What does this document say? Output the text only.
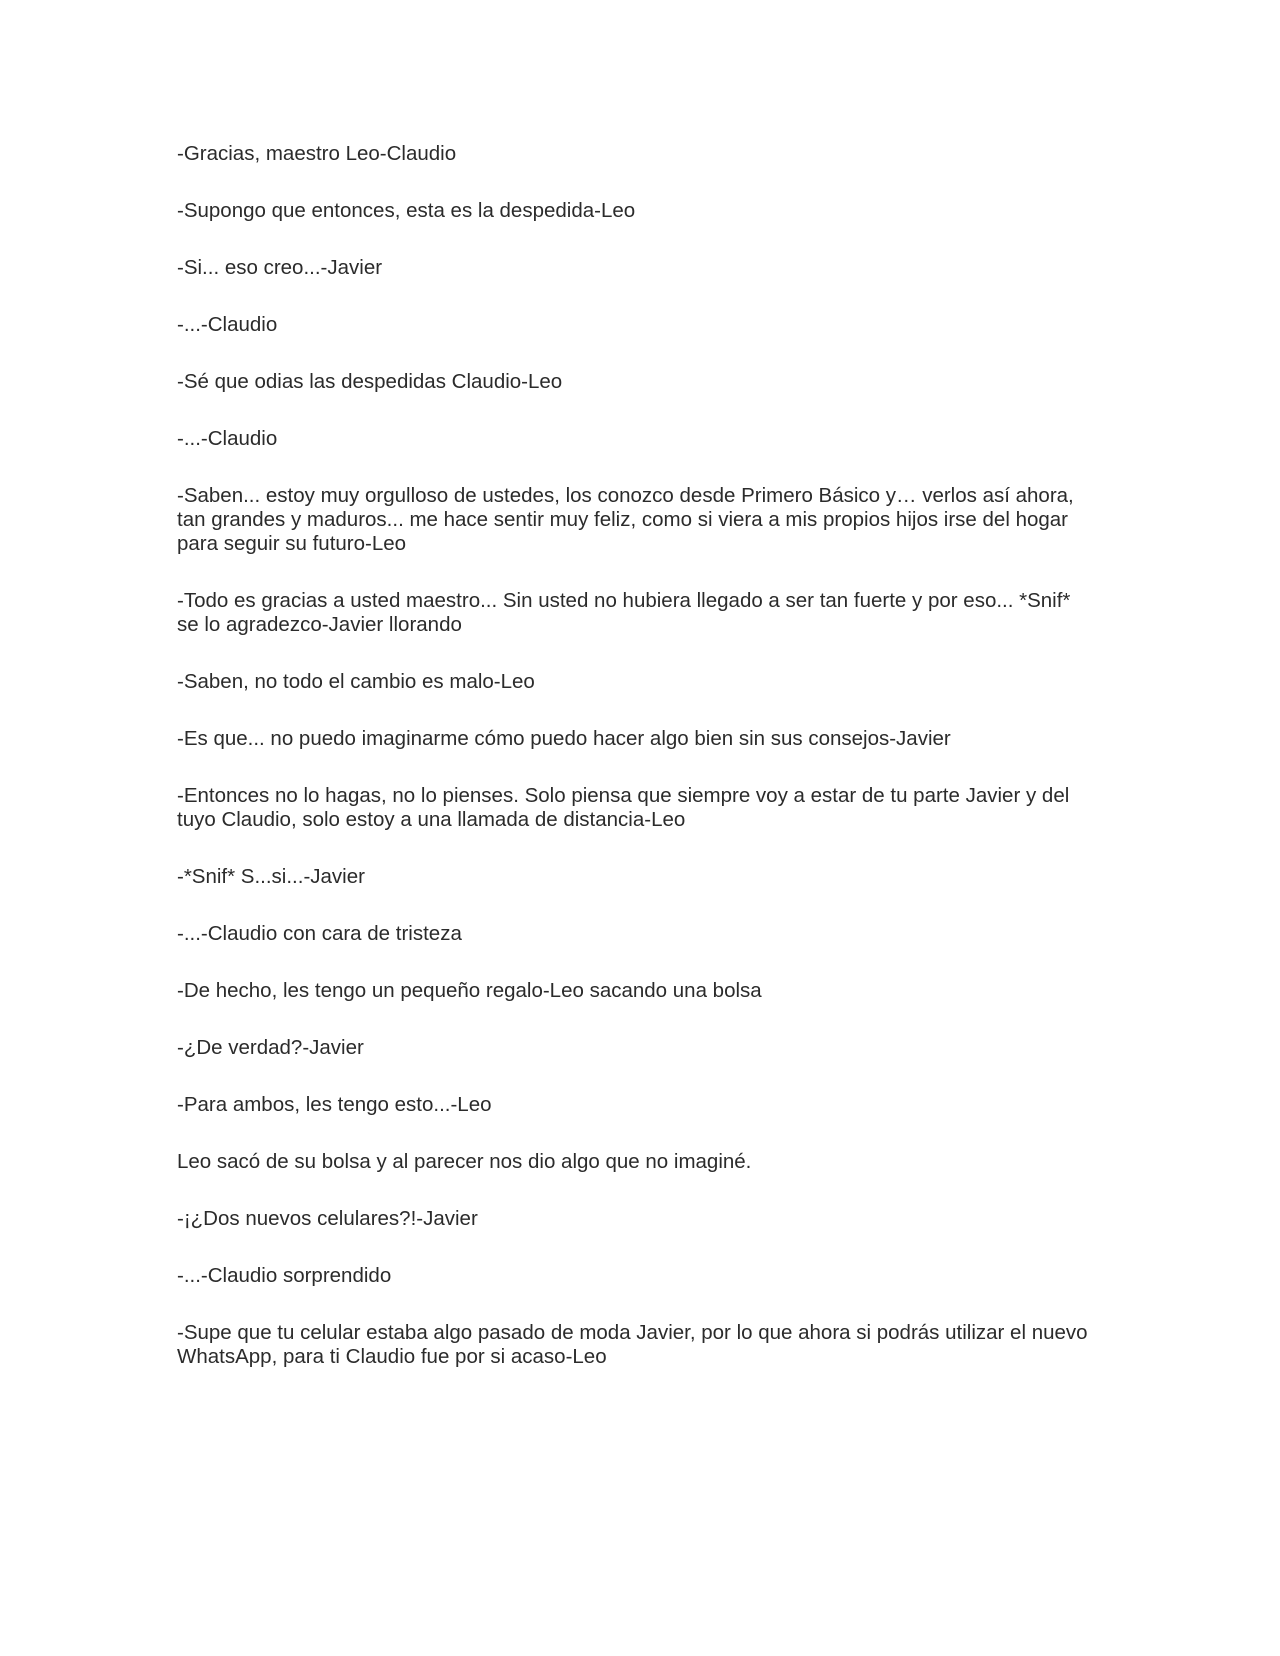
-Gracias, maestro Leo-Claudio

-Supongo que entonces, esta es la despedida-Leo

-Si... eso creo...-Javier

-...-Claudio

-Sé que odias las despedidas Claudio-Leo

-...-Claudio

-Saben... estoy muy orgulloso de ustedes, los conozco desde Primero Básico y… verlos así ahora, tan grandes y maduros... me hace sentir muy feliz, como si viera a mis propios hijos irse del hogar para seguir su futuro-Leo

-Todo es gracias a usted maestro... Sin usted no hubiera llegado a ser tan fuerte y por eso... *Snif* se lo agradezco-Javier llorando

-Saben, no todo el cambio es malo-Leo

-Es que... no puedo imaginarme cómo puedo hacer algo bien sin sus consejos-Javier

-Entonces no lo hagas, no lo pienses. Solo piensa que siempre voy a estar de tu parte Javier y del tuyo Claudio, solo estoy a una llamada de distancia-Leo

-*Snif* S...si...-Javier

-...-Claudio con cara de tristeza

-De hecho, les tengo un pequeño regalo-Leo sacando una bolsa

-¿De verdad?-Javier

-Para ambos, les tengo esto...-Leo

Leo sacó de su bolsa y al parecer nos dio algo que no imaginé.

-¡¿Dos nuevos celulares?!-Javier

-...-Claudio sorprendido

-Supe que tu celular estaba algo pasado de moda Javier, por lo que ahora si podrás utilizar el nuevo WhatsApp, para ti Claudio fue por si acaso-Leo
